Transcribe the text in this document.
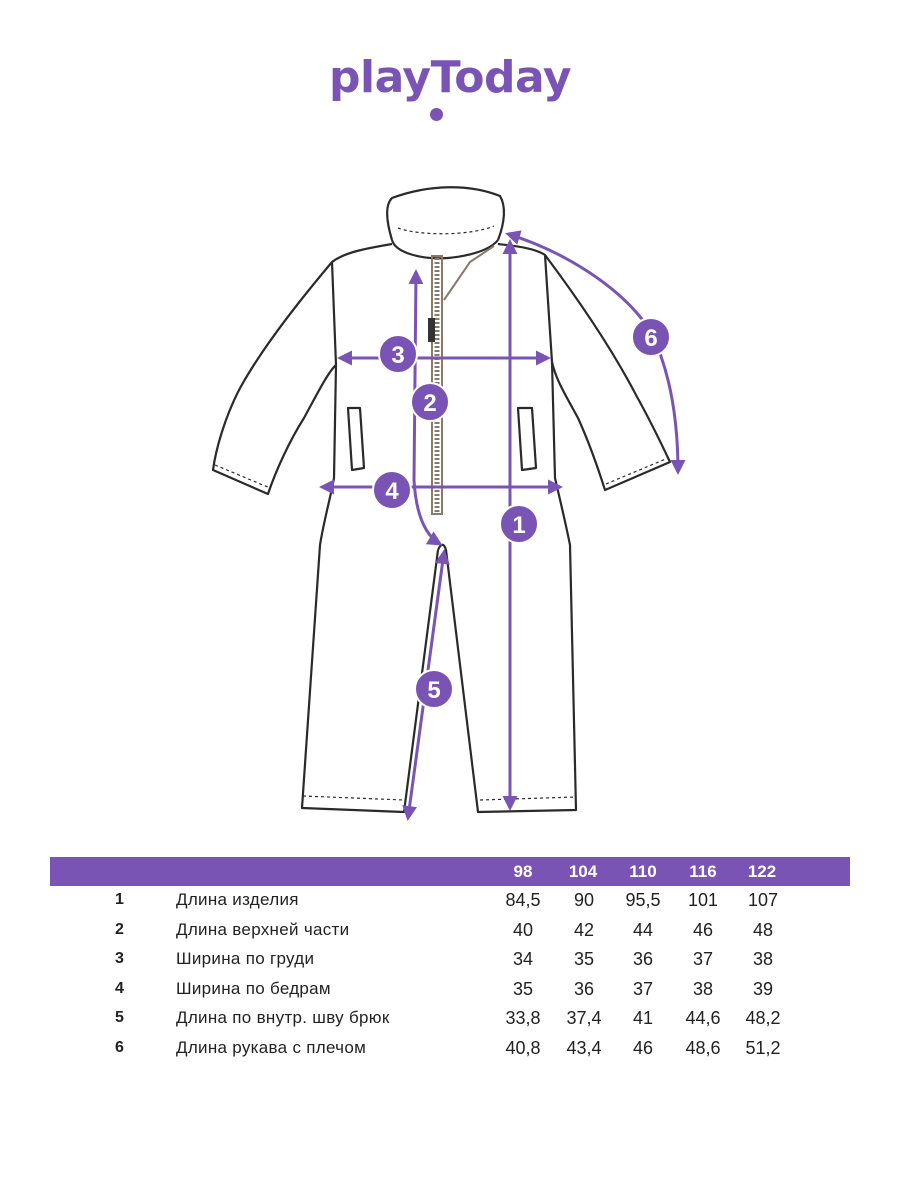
playToday
1
2
3
4
5
6
98	104	110	116	122
1	Длина изделия	84,5	90	95,5	101	107
2	Длина верхней части	40	42	44	46	48
3	Ширина по груди	34	35	36	37	38
4	Ширина по бедрам	35	36	37	38	39
5	Длина по внутр. шву брюк	33,8	37,4	41	44,6	48,2
6	Длина рукава с плечом	40,8	43,4	46	48,6	51,2
